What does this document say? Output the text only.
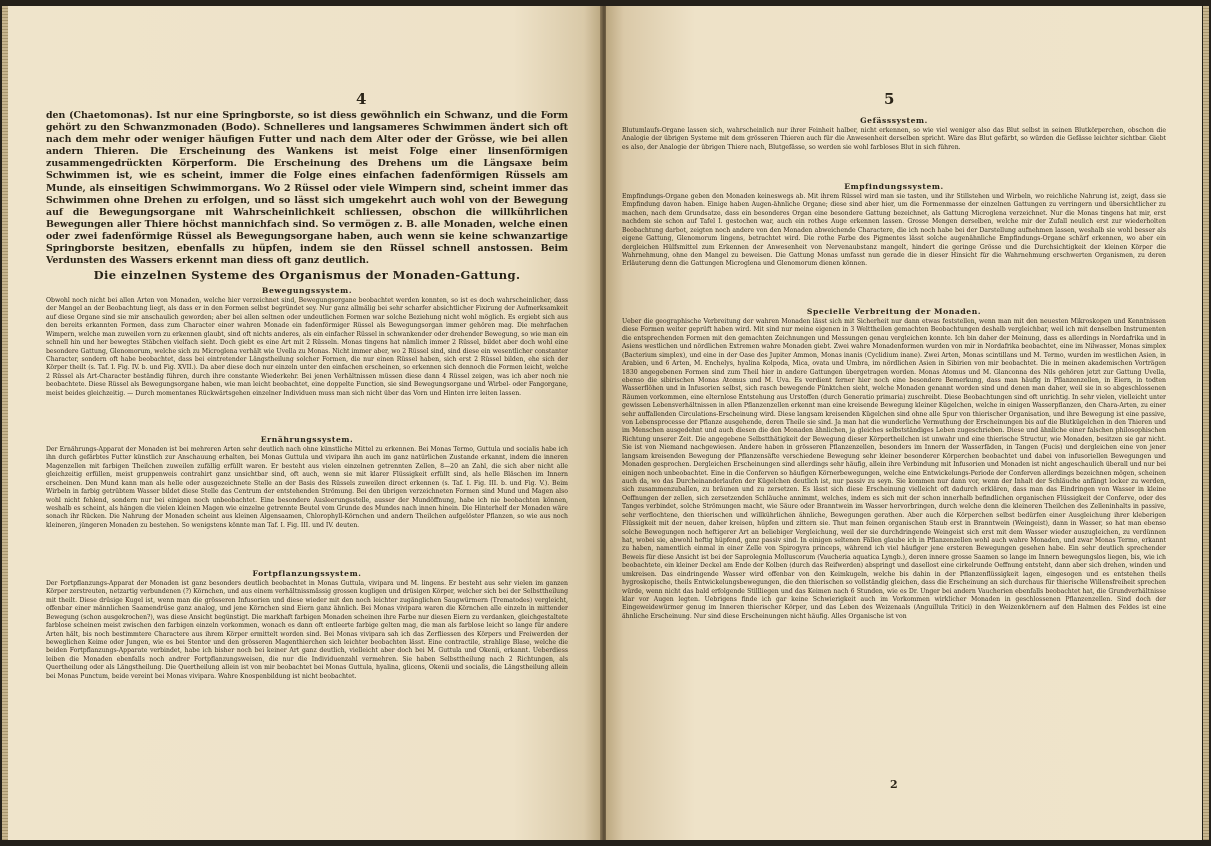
4
den (Chaetomonas). Ist nur eine Springborste, so ist diess gewöhnlich ein Schwanz, und die Form gehört zu den Schwanzmonaden (Bodo). Schnelleres und langsameres Schwimmen ändert sich oft nach dem mehr oder weniger häufigen Futter und nach dem Alter oder der Grösse, wie bei allen andern Thieren. Die Erscheinung des Wankens ist meist Folge einer linsenförmigen zusammengedrückten Körperform. Die Erscheinung des Drehens um die Längsaxe beim Schwimmen ist, wie es scheint, immer die Folge eines einfachen fadenförmigen Rüssels am Munde, als einseitigen Schwimmorgans. Wo 2 Rüssel oder viele Wimpern sind, scheint immer das Schwimmen ohne Drehen zu erfolgen, und so lässt sich umgekehrt auch wohl von der Bewegung auf die Bewegungsorgane mit Wahrscheinlichkeit schliessen, obschon die willkührlichen Bewegungen aller Thiere höchst mannichfach sind. So vermögen z. B. alle Monaden, welche einen oder zwei fadenförmige Rüssel als Bewegungsorgane haben, auch wenn sie keine schwanzartige Springborste besitzen, ebenfalls zu hüpfen, indem sie den Rüssel schnell anstossen. Beim Verdunsten des Wassers erkennt man diess oft ganz deutlich.
Die einzelnen Systeme des Organismus der Monaden-Gattung.
Bewegungssystem.
Obwohl noch nicht bei allen Arten von Monaden, welche hier verzeichnet sind, Bewegungsorgane beobachtet werden konnten, so ist es doch wahrscheinlicher, dass der Mangel an der Beobachtung liegt, als dass er in den Formen selbst begründet sey. Nur ganz allmälig bei sehr scharfer absichtlicher Fixirung der Aufmerksamkeit auf diese Organe sind sie mir anschaulich geworden; aber bei allen seltnen oder undeutlichen Formen war solche Beziehung nicht wohl möglich. Es ergiebt sich aus den bereits erkannten Formen, dass zum Character einer wahren Monade ein fadenförmiger Rüssel als Bewegungsorgan immer gehören mag. Die mehrfachen Wimpern, welche man zuweilen vorn zu erkennen glaubt, sind oft nichts anderes, als ein einfacher Rüssel in schwankender oder drehender Bewegung, so wie man ein schnell hin und her bewegtes Stäbchen vielfach sieht. Doch giebt es eine Art mit 2 Rüsseln. Monas tingens hat nämlich immer 2 Rüssel, bildet aber doch wohl eine besondere Gattung, Glenomorum, welche sich zu Microglena verhält wie Uvella zu Monas. Nicht immer aber, wo 2 Rüssel sind, sind diese ein wesentlicher constanter Character, sondern oft habe beobachtet, dass bei eintretender Längstheilung solcher Formen, die nur einen Rüssel haben, sich erst 2 Rüssel bilden, ehe sich der Körper theilt (s. Taf. I. Fig. IV. b. und Fig. XVII.). Da aber diese doch nur einzeln unter den einfachen erscheinen, so erkennen sich dennoch die Formen leicht, welche 2 Rüssel als Art-Character beständig führen, durch ihre constante Wiederkehr. Bei jenen Verhältnissen müssen diese dann 4 Rüssel zeigen, was ich aber noch nie beobachtete. Diese Rüssel als Bewegungsorgane haben, wie man leicht beobachtet, eine doppelte Function, sie sind Bewegungsorgane und Wirbel- oder Fangorgane, meist beides gleichzeitig. — Durch momentanes Rückwärtsgehen einzelner Individuen muss man sich nicht über das Vorn und Hinten irre leiten lassen.
Ernährungssystem.
Der Ernährungs-Apparat der Monaden ist bei mehreren Arten sehr deutlich nach ohne künstliche Mittel zu erkennen. Bei Monas Termo, Guttula und socialis habe ich ihn durch gefärbtes Futter künstlich zur Anschauung erhalten, bei Monas Guttula und vivipara ihn auch im ganz natürlichen Zustande erkannt, indem die inneren Magenzellen mit farbigen Theilchen zuweilen zufällig erfüllt waren. Er besteht aus vielen einzelnen getrennten Zellen, 8—20 an Zahl, die sich aber nicht alle gleichzeitig erfüllen, meist gruppenweis contrahirt ganz unsichtbar sind, oft auch, wenn sie mit klarer Flüssigkeit erfüllt sind, als helle Bläschen im Innern erscheinen. Den Mund kann man als helle oder ausgezeichnete Stelle an der Basis des Rüssels zuweilen direct erkennen (s. Taf. I. Fig. III. b. und Fig. V.). Beim Wirbeln in farbig getrübtem Wasser bildet diese Stelle das Centrum der entstehenden Strömung. Bei den übrigen verzeichneten Formen sind Mund und Magen also wohl nicht fehlend, sondern nur bei einigen noch unbeobachtet. Eine besondere Ausleerungsstelle, ausser der Mundöffnung, habe ich nie beobachten können, weshalb es scheint, als hängen die vielen kleinen Magen wie einzelne getrennte Beutel vom Grunde des Mundes nach innen hinein. Die Hinterhelf der Monaden wäre sonach ihr Rücken. Die Nahrung der Monaden scheint aus kleinen Algensaamen, Chlorophyll-Körnchen und andern Theilchen aufgelöster Pflanzen, so wie aus noch kleineren, jüngeren Monaden zu bestehen. So wenigstens könnte man Taf. I. Fig. III. und IV. deuten.
Fortpflanzungssystem.
Der Fortpflanzungs-Apparat der Monaden ist ganz besonders deutlich beobachtet in Monas Guttula, vivipara und M. lingens. Er besteht aus sehr vielen im ganzen Körper zerstreuten, netzartig verbundenen (?) Körnchen, und aus einem verhältnissmässig grossen kugligen und drüsigen Körper, welcher sich bei der Selbsttheilung mit theilt. Diese drüsige Kugel ist, wenn man die grösseren Infusorien und diese wieder mit den noch leichter zugänglichen Saugwürmern (Trematodes) vergleicht, offenbar einer männlichen Saamendrüse ganz analog, und jene Körnchen sind Eiern ganz ähnlich. Bei Monas vivipara waren die Körnchen alle einzeln in mittender Bewegung (schon ausgekrochen?), was diese Ansicht begünstigt. Die markhaft farbigen Monaden scheinen ihre Farbe nur diesen Eiern zu verdanken, gleichgestaltete farblose scheinen meist zwischen den farbigen einzeln vorkommen, wonach es dann oft entleerte farbige gelten mag, die man als farblose leicht so lange für andere Arten hält, bis noch bestimmtere Charactere aus ihrem Körper ermittelt worden sind. Bei Monas vivipara sah ich das Zerfliessen des Körpers und Freiwerden der beweglichen Keime oder Jungen, wie es bei Stentor und den grösseren Magenthierchen sich leichter beobachten lässt. Eine contractile, strahlige Blase, welche die beiden Fortpflanzungs-Apparate verbindet, habe ich bisher noch bei keiner Art ganz deutlich, vielleicht aber doch bei M. Guttula und Okenii, erkannt. Ueberdiess leiben die Monaden ebenfalls noch andrer Fortpflanzungsweisen, die nur die Individuenzahl vermehren. Sie haben Selbsttheilung nach 2 Richtungen, als Quertheilung oder als Längstheilung. Die Quertheilung allein ist von mir beobachtet bei Monas Guttula, hyalina, glicens, Okenii und socialis, die Längstheilung allein bei Monas Punctum, beide vereint bei Monas vivipara. Wahre Knospenbildung ist nicht beobachtet.
5
Gefässsystem.
Blutumlaufs-Organe lassen sich, wahrscheinlich nur ihrer Feinheit halber, nicht erkennen, so wie viel weniger also das Blut selbst in seinen Blutkörperchen, obschon die Analogie der übrigen Systeme mit dem grösseren Thieren auch für die Anwesenheit derselben spricht. Wäre das Blut gefärbt, so würden die Gefässe leichter sichtbar. Giebt es also, der Analogie der übrigen Thiere nach, Blutgefässe, so werden sie wohl farbloses Blut in sich führen.
Empfindungssystem.
Empfindungs-Organe geben den Monaden keineswegs ab. Mit ihrem Rüssel wird man sie tasten, und ihr Stillstehen und Wirbeln, wo reichliche Nahrung ist, zeigt, dass sie Empfindung davon haben. Einige haben Augen-ähnliche Organe; diese sind aber hier, um die Formenmasse der einzelnen Gattungen zu verringern und übersichtlicher zu machen, nach dem Grundsatze, dass ein besonderes Organ eine besondere Gattung bezeichnet, als Gattung Microglena verzeichnet. Nur die Monas tingens hat mir, erst nachdem sie schon auf Tafel I. gestochen war, auch ein rothes Auge erkennen lassen. Grosse Mengen derselben, welche mir der Zufall neulich erst zur wiederholten Beobachtung darbot, zeigten noch andere von den Monaden abweichende Charactere, die ich noch habe bei der Darstellung aufnehmen lassen, weshalb sie wohl besser als eigene Gattung, Glenomorum lingens, betrachtet wird. Die rothe Farbe des Pigmentes lässt solche augenähnliche Empfindungs-Organe schärf erkennen, wo aber ein dergleichen Hülfsmittel zum Erkennen der Anwesenheit von Nervenaubstanz mangelt, hindert die geringe Grösse und die Durchsichtigkeit der kleinen Körper die Wahrnehmung, ohne den Mangel zu beweisen. Die Gattung Monas umfasst nun gerade die in dieser Hinsicht für die Wahrnehmung erschwerten Organismen, zu deren Erläuterung denn die Gattungen Microglena und Glenomorum dienen können.
Specielle Verbreitung der Monaden.
Ueber die geographische Verbreitung der wahren Monaden lässt sich mit Sicherheit nur dann etwas feststellen, wenn man mit den neuesten Mikroskopen und Kenntnissen diese Formen weiter geprüft haben wird. Mit sind nur meine eigenen in 3 Welttheilen gemachten Beobachtungen deshalb vergleichbar, weil ich mit denselben Instrumenten die entsprechenden Formen mit den gemachten Zeichnungen und Messungen genau vergleichen konnte. Ich bin daher der Meinung, dass es allerdings in Nordafrika und in Asiens westlichen und nördlichen Extremen wahre Monaden giebt. Zwei wahre Monadenformen wurden von mir in Nordafrika beobachtet, eine im Nilwasser, Monas simplex (Bacterium simplex), und eine in der Oase des Jupiter Ammon, Monas inanis (Cyclidium inane). Zwei Arten, Monas scintillans und M. Termo, wurden im westlichen Asien, in Arabien, und 6 Arten, M. Enchelys, hyalina Kolpoda, Mica, ovata und Umbra, im nördlichen Asien in Sibirien von mir beobachtet. Die in meinen akademischen Vorträgen 1830 angegebenen Formen sind zum Theil hier in andere Gattungen übergetragen worden. Monas Atomus und M. Glanconna des Nils gehören jetzt zur Gattung Uvella, ebenso die sibirischen Monas Atomus und M. Uva. Es verdient ferner hier noch eine besondere Bemerkung, dass man häufig in Pflanzenzellen, in Eiern, in todten Wasserflöhen und in Infusorien selbst, sich rasch bewegende Pünktchen sieht, welche Monaden genannt worden sind und denen man daher, weil sie in so abgeschlossenen Räumen vorkommen, eine elternlose Entstehung aus Urstoffen (durch Generatio primaria) zuschreibt. Diese Beobachtungen sind oft unrichtig. In sehr vielen, vielleicht unter gewissen Lebensverhältnissen in allen Pflanzenzellen erkennt man eine kreisende Bewegung kleiner Kügelchen, welche in einigen Wasserpflanzen, den Chara-Arten, zu einer sehr auffallenden Circulations-Erscheinung wird. Diese langsam kreisenden Kügelchen sind ohne alle Spur von thierischer Organisation, und ihre Bewegung ist eine passive, von Lebensprocesse der Pflanze ausgehende, deren Theile sie sind. Ja man hat die wunderliche Vermuthung der Erscheinungen bis auf die Blutkügelchen in den Thieren und im Menschen ausgedehnt und auch diesen die den Monaden ähnlichen, ja gleiches selbstständiges Leben zugeschrieben. Diese und ähnliche einer falschen philosophischen Richtung unserer Zeit. Die angegebene Selbstthätigkeit der Bewegung dieser Körpertheilchen ist unwahr und eine thierische Structur, wie Monaden, besitzen sie gar nicht. Sie ist von Niemand nachgewiesen. Andere haben in grösseren Pflanzenzellen, besonders im Innern der Wasserfäden, in Tangen (Fucis) und dergleichen eine von jener langsam kreisenden Bewegung der Pflanzensäfte verschiedene Bewegung sehr kleiner besonderer Körperchen beobachtet und dabei von infusoriellen Bewegungen und Monaden gesprochen. Dergleichen Erscheinungen sind allerdings sehr häufig, allein ihre Verbindung mit Infusorien und Monaden ist nicht angeschaulich überall und nur bei einigen noch unbeobachtet. Eine in die Conferven so häufigen Körnerbewegungen, welche eine Entwickelungs-Periode der Conferven allerdings bezeichnen mögen, scheinen auch da, wo das Durcheinanderlaufen der Kügelchen deutlich ist, nur passiv zu seyn. Sie kommen nur dann vor, wenn der Inhalt der Schläuche anfängt locker zu werden, sich zusammenzuballen, zu bräunen und zu zersetzen. Es lässt sich diese Erscheinung vielleicht oft dadurch erklären, dass man das Eindringen von Wasser in kleine Oeffnungen der zellen, sich zersetzenden Schläuche annimmt, welches, indem es sich mit der schon innerhalb befindlichen organischen Flüssigkeit der Conferve, oder des Tanges verbindet, solche Strömungen macht, wie Säure oder Branntwein im Wasser hervorbringen, durch welche denn die kleineren Theilchen des Zelleninhalts in passive, sehr verflochtene, den thierischen und willkührlichen ähnliche, Bewegungen gerathen. Aber auch die Körperchen selbst bedürfen einer Ausgleichung ihrer kleberigen Flüssigkeit mit der neuen, daher kreisen, hüpfen und zittern sie. Thut man feinen organischen Staub erst in Branntwein (Weingeist), dann in Wasser, so hat man ebenso solche Bewegungen noch heftigerer Art an beliebiger Vergleichung, weil der sie durchdringende Weingeist sich erst mit dem Wasser wieder auszugleichen, zu verdünnen hat, wobei sie, abwohl heftig hüpfend, ganz passiv sind. In einigen seltenen Fällen glaube ich in Pflanzenzellen wohl auch wahre Monaden, und zwar Monas Termo, erkannt zu haben, namentlich einmal in einer Zelle von Spirogyra princeps, während ich viel häufiger jene ersteren Bewegungen gesehen habe. Ein sehr deutlich sprechender Beweis für diese Ansicht ist bei der Saprolegnia Molluscorum (Vaucheria aquatica Lyngb.), deren innere grosse Saamen so lange im Innern bewegungslos liegen, bis, wie ich beobachtete, ein kleiner Deckel am Ende der Kolben (durch das Reifwerden) abspringt und dasellost eine cirkelrunde Oeffnung entsteht, dann aber sich drehen, winden und umkreisen. Das eindringende Wasser wird offenbar von den Keimkugeln, welche bis dahin in der Pflanzenflüssigkeit lagen, eingesogen und es entstehen theils hygroskopische, theils Entwickelungsbewegungen, die den thierischen so vollständig gleichen, dass die Erscheinung an sich durchaus für thierische Willensfreiheit sprechen würde, wenn nicht das bald erfolgende Stillliegen und das Keimen nach 6 Stunden, wie es Dr. Unger bei andern Vaucherien ebenfalls beobachtet hat, die Grundverhältnisse klar vor Augen legten. Uebrigens finde ich gar keine Schwierigkeit auch im Vorkommen wirklicher Monaden in geschlossenen Pflanzenzellen. Sind doch der Eingeweidewürmer genug im Inneren thierischer Körper, und das Leben des Weizenaals (Anguillula Tritici) in den Weizenkörnern auf den Halmen des Feldes ist eine ähnliche Erscheinung. Nur sind diese Erscheinungen nicht häufig. Alles Organische ist von
2
